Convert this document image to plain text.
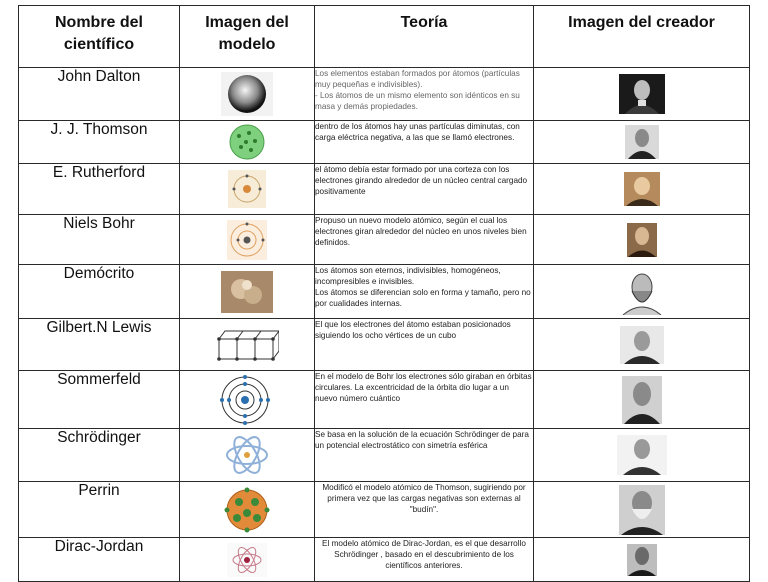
Nombre del científico	Imagen del modelo	Teoría	Imagen del creador
John Dalton		Los elementos estaban formados por átomos (partículas muy pequeñas e indivisibles).
- Los átomos de un mismo elemento son idénticos en su masa y demás propiedades.	

J. J. Thomson		dentro de los átomos hay unas partículas diminutas, con carga eléctrica negativa, a las que se llamó electrones.	

E. Rutherford		el átomo debía estar formado por una corteza con los electrones girando alrededor de un núcleo central cargado positivamente	

Niels Bohr		Propuso un nuevo modelo atómico, según el cual los electrones giran alrededor del núcleo en unos niveles bien definidos.	

Demócrito		Los átomos son eternos, indivisibles, homogéneos, incompresibles e invisibles.
Los átomos se diferencian solo en forma y tamaño, pero no por cualidades internas.	

Gilbert.N Lewis		El que los electrones del átomo estaban posicionados siguiendo los ocho vértices de un cubo	

Sommerfeld		En el modelo de Bohr los electrones sólo giraban en órbitas circulares. La excentricidad de la órbita dio lugar a un nuevo número cuántico	

Schrödinger		Se basa en la solución de la ecuación Schrödinger de para un potencial electrostático con simetría esférica	

Perrin		Modificó el modelo atómico de Thomson, sugiriendo por primera vez que las cargas negativas son externas al "budín".	

Dirac-Jordan		El modelo atómico de Dirac-Jordan, es el que desarrollo Schrödinger , basado en el descubrimiento de los científicos anteriores.	
